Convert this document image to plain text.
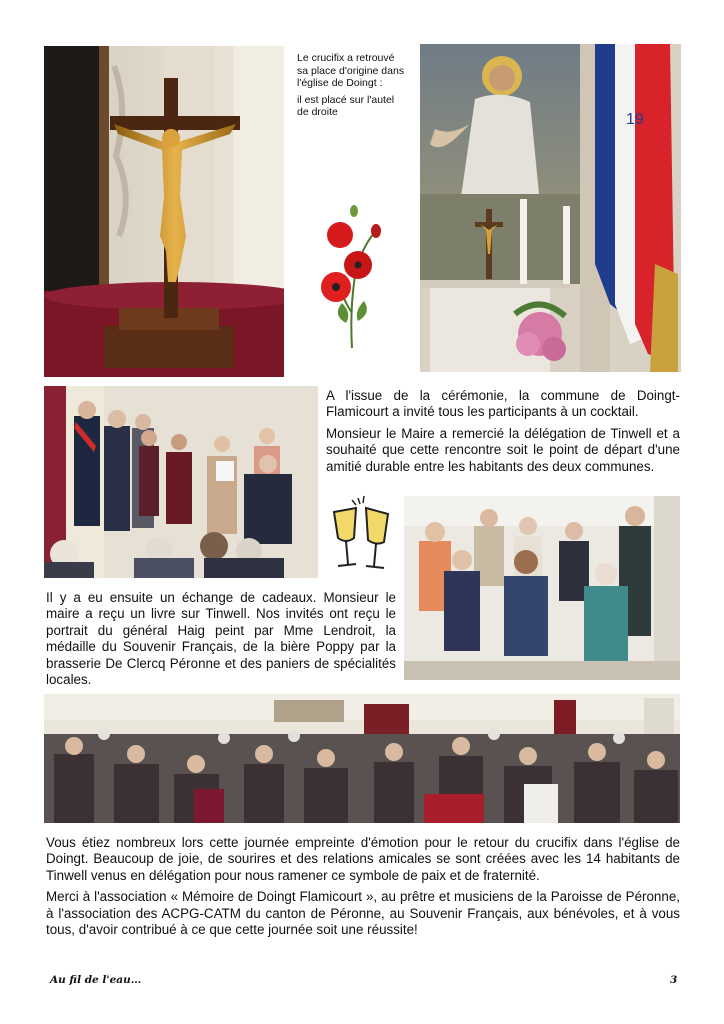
Le crucifix a retrouvé sa place d'origine dans l'église de Doingt :
il est placé sur l'autel de droite	19

A l'issue de la cérémonie, la commune de Doingt-Flamicourt a invité tous les participants à un cocktail.

Monsieur le Maire a remercié la délégation de Tinwell et a souhaité que cette rencontre soit le point de départ d'une amitié durable entre les habitants des deux communes.

Il y a eu ensuite un échange de cadeaux. Monsieur le maire a reçu un livre sur Tinwell. Nos invités ont reçu le portrait du général Haig peint par Mme Lendroit, la médaille du Souvenir Français, de la bière Poppy par la brasserie De Clercq Péronne et des paniers de spécialités locales.

Vous étiez nombreux lors cette journée empreinte d'émotion pour le retour du crucifix dans l'église de Doingt. Beaucoup de joie, de sourires et des relations amicales se sont créées avec les 14 habitants de Tinwell venus en délégation pour nous ramener ce symbole de paix et de fraternité.

Merci à l'association « Mémoire de Doingt Flamicourt », au prêtre et musiciens de la Paroisse de Péronne, à l'association des ACPG-CATM du canton de Péronne, au Souvenir Français, aux bénévoles, et à vous tous, d'avoir contribué à ce que cette journée soit une réussite!

Au fil de l'eau…	3
